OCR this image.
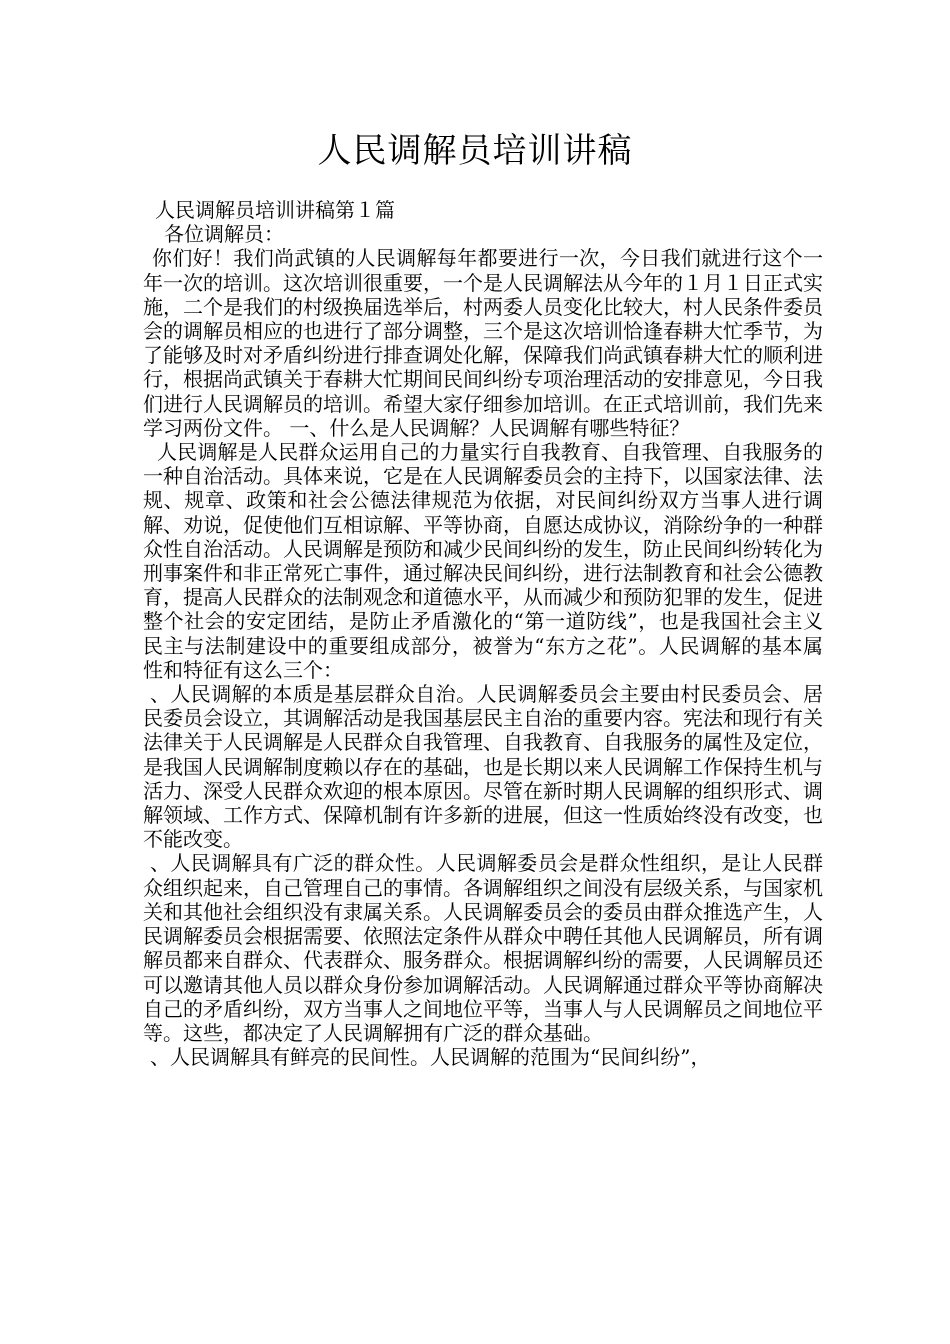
人民调解员培训讲稿

人民调解员培训讲稿第１篇

各位调解员：

你们好！我们尚武镇的人民调解每年都要进行一次，今日我们就进行这个一年一次的培训。这次培训很重要，一个是人民调解法从今年的１月１日正式实施，二个是我们的村级换届选举后，村两委人员变化比较大，村人民条件委员会的调解员相应的也进行了部分调整，三个是这次培训恰逢春耕大忙季节，为了能够及时对矛盾纠纷进行排查调处化解，保障我们尚武镇春耕大忙的顺利进行，根据尚武镇关于春耕大忙期间民间纠纷专项治理活动的安排意见，今日我们进行人民调解员的培训。希望大家仔细参加培训。在正式培训前，我们先来学习两份文件。 一、什么是人民调解？人民调解有哪些特征？

人民调解是人民群众运用自己的力量实行自我教育、自我管理、自我服务的一种自治活动。具体来说，它是在人民调解委员会的主持下，以国家法律、法规、规章、政策和社会公德法律规范为依据，对民间纠纷双方当事人进行调解、劝说，促使他们互相谅解、平等协商，自愿达成协议，消除纷争的一种群众性自治活动。人民调解是预防和减少民间纠纷的发生，防止民间纠纷转化为刑事案件和非正常死亡事件，通过解决民间纠纷，进行法制教育和社会公德教育，提高人民群众的法制观念和道德水平，从而减少和预防犯罪的发生，促进整个社会的安定团结，是防止矛盾激化的“第一道防线”，也是我国社会主义民主与法制建设中的重要组成部分，被誉为“东方之花”。人民调解的基本属性和特征有这么三个：

、人民调解的本质是基层群众自治。人民调解委员会主要由村民委员会、居民委员会设立，其调解活动是我国基层民主自治的重要内容。宪法和现行有关法律关于人民调解是人民群众自我管理、自我教育、自我服务的属性及定位，是我国人民调解制度赖以存在的基础，也是长期以来人民调解工作保持生机与活力、深受人民群众欢迎的根本原因。尽管在新时期人民调解的组织形式、调解领域、工作方式、保障机制有许多新的进展，但这一性质始终没有改变，也不能改变。

、人民调解具有广泛的群众性。人民调解委员会是群众性组织，是让人民群众组织起来，自己管理自己的事情。各调解组织之间没有层级关系，与国家机关和其他社会组织没有隶属关系。人民调解委员会的委员由群众推选产生，人民调解委员会根据需要、依照法定条件从群众中聘任其他人民调解员，所有调解员都来自群众、代表群众、服务群众。根据调解纠纷的需要，人民调解员还可以邀请其他人员以群众身份参加调解活动。人民调解通过群众平等协商解决自己的矛盾纠纷，双方当事人之间地位平等，当事人与人民调解员之间地位平等。这些，都决定了人民调解拥有广泛的群众基础。

、人民调解具有鲜亮的民间性。人民调解的范围为“民间纠纷”，
